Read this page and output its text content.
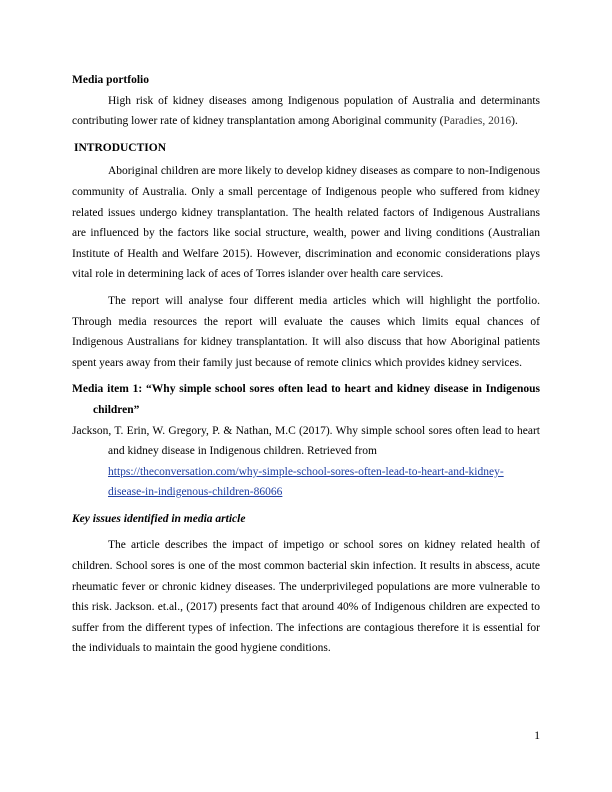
Media portfolio

High risk of kidney diseases among Indigenous population of Australia and determinants contributing lower rate of kidney transplantation among Aboriginal community (Paradies, 2016).

INTRODUCTION

Aboriginal children are more likely to develop kidney diseases as compare to non-Indigenous community of Australia. Only a small percentage of Indigenous people who suffered from kidney related issues undergo kidney transplantation. The health related factors of Indigenous Australians are influenced by the factors like social structure, wealth, power and living conditions (Australian Institute of Health and Welfare 2015). However, discrimination and economic considerations plays vital role in determining lack of aces of Torres islander over health care services.

The report will analyse four different media articles which will highlight the portfolio. Through media resources the report will evaluate the causes which limits equal chances of Indigenous Australians for kidney transplantation. It will also discuss that how Aboriginal patients spent years away from their family just because of remote clinics which provides kidney services.

Media item 1: “Why simple school sores often lead to heart and kidney disease in Indigenous children”

Jackson, T. Erin, W. Gregory, P. & Nathan, M.C (2017). Why simple school sores often lead to heart and kidney disease in Indigenous children. Retrieved from

https://theconversation.com/why-simple-school-sores-often-lead-to-heart-and-kidney-
disease-in-indigenous-children-86066

Key issues identified in media article

The article describes the impact of impetigo or school sores on kidney related health of children. School sores is one of the most common bacterial skin infection. It results in abscess, acute rheumatic fever or chronic kidney diseases. The underprivileged populations are more vulnerable to this risk. Jackson. et.al., (2017) presents fact that around 40% of Indigenous children are expected to suffer from the different types of infection. The infections are contagious therefore it is essential for the individuals to maintain the good hygiene conditions.

1
